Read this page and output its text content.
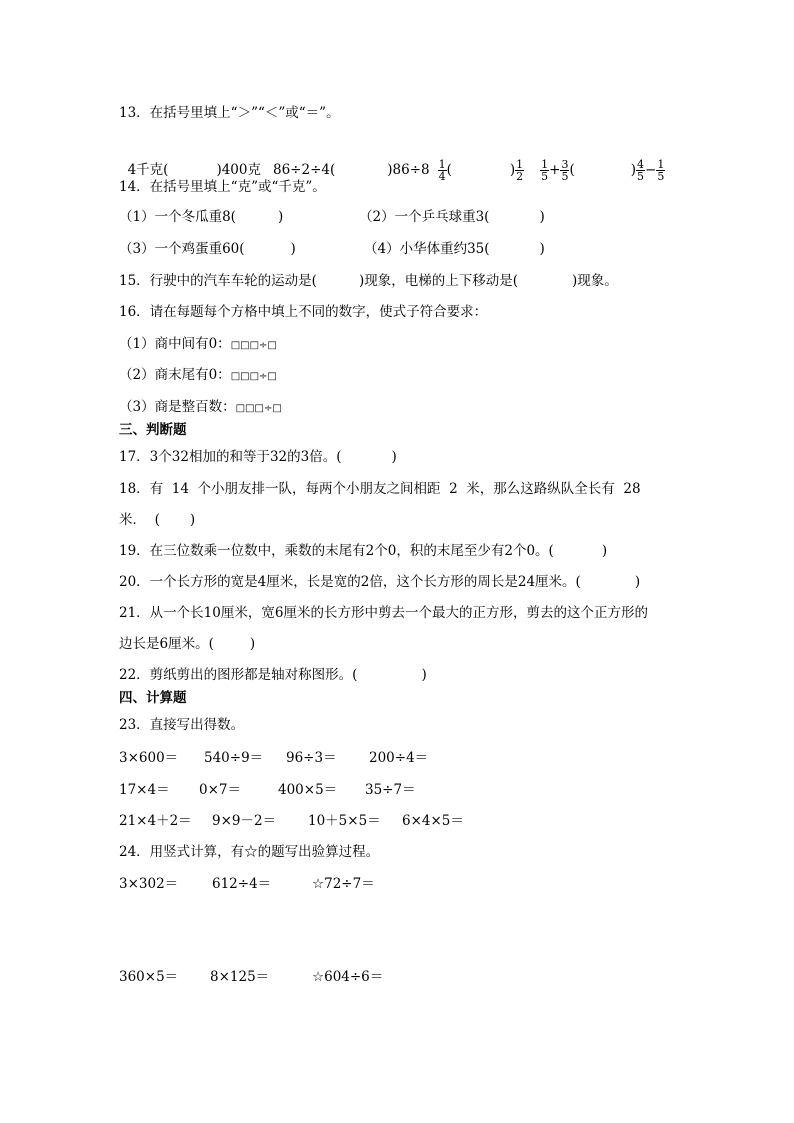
13．在括号里填上“＞”“＜”或“＝”。

4千克(	)400克 86÷2÷4(	)$86\div 8 \frac{1}{4}$ (	) $\frac{1}{2} \frac{1}{5} + \frac{3}{5}$ (	) $\frac{4}{5} - \frac{1}{5}$

14．在括号里填上“克”或“千克”。
（1）一个冬瓜重8(	)	（2）一个乒乓球重3(	)
（3）一个鸡蛋重60(	)	（4）小华体重约35(	)
15．行驶中的汽车车轮的运动是(	)现象，电梯的上下移动是(	)现象。
16．请在每题每个方格中填上不同的数字，使式子符合要求：
（1）商中间有0：□□□÷□
（2）商末尾有0：□□□÷□
（3）商是整百数：□□□÷□
三、判断题
17．3个32相加的和等于32的3倍。(	)
18．有  14  个小朋友排一队，每两个小朋友之间相距  2  米，那么这路纵队全长有  28
米．  ( )
19．在三位数乘一位数中，乘数的末尾有2个0，积的末尾至少有2个0。(	)
20．一个长方形的宽是4厘米，长是宽的2倍，这个长方形的周长是24厘米。(	)
21．从一个长10厘米，宽6厘米的长方形中剪去一个最大的正方形，剪去的这个正方形的
边长是6厘米。(	)
22．剪纸剪出的图形都是轴对称图形。(	)
四、计算题
23．直接写出得数。
3×600＝ 540÷9＝ 96÷3＝ 200÷4＝
17×4＝ 0×7＝	400×5＝ 35÷7＝
21×4＋2＝ 9×9－2＝ 10＋5×5＝ 6×4×5＝
24．用竖式计算，有☆的题写出验算过程。
3×302＝	612÷4＝	☆72÷7＝
360×5＝ 8×125＝	☆604÷6＝
